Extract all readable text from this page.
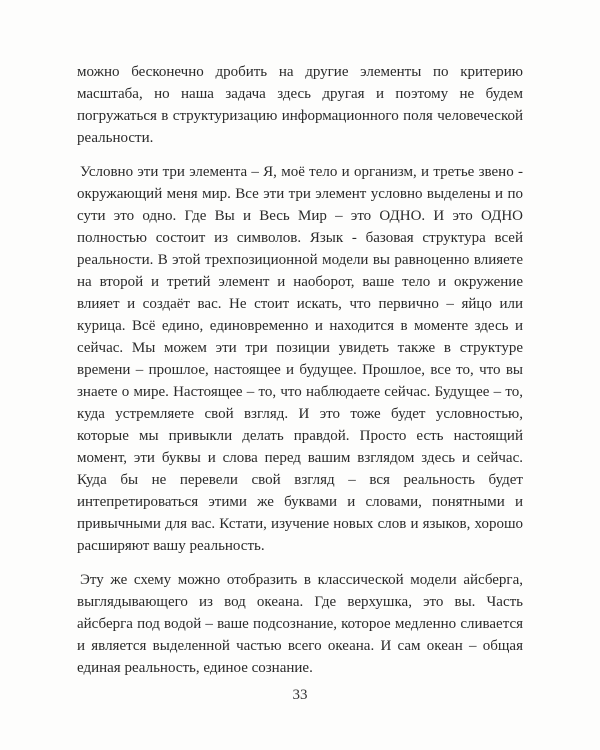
можно бесконечно дробить на другие элементы по критерию масштаба, но наша задача здесь другая и поэтому не будем погружаться в структуризацию информационного поля человеческой реальности.

Условно эти три элемента – Я, моё тело и организм, и третье звено - окружающий меня мир. Все эти три элемент условно выделены и по сути это одно. Где Вы и Весь Мир – это ОДНО. И это ОДНО полностью состоит из символов. Язык - базовая структура всей реальности. В этой трехпозиционной модели вы равноценно влияете на второй и третий элемент и наоборот, ваше тело и окружение влияет и создаёт вас. Не стоит искать, что первично – яйцо или курица. Всё едино, единовременно и находится в моменте здесь и сейчас. Мы можем эти три позиции увидеть также в структуре времени – прошлое, настоящее и будущее. Прошлое, все то, что вы знаете о мире. Настоящее – то, что наблюдаете сейчас. Будущее – то, куда устремляете свой взгляд. И это тоже будет условностью, которые мы привыкли делать правдой. Просто есть настоящий момент, эти буквы и слова перед вашим взглядом здесь и сейчас. Куда бы не перевели свой взгляд – вся реальность будет интепретироваться этими же буквами и словами, понятными и привычными для вас. Кстати, изучение новых слов и языков, хорошо расширяют вашу реальность.

Эту же схему можно отобразить в классической модели айсберга, выглядывающего из вод океана. Где верхушка, это вы. Часть айсберга под водой – ваше подсознание, которое медленно сливается и является выделенной частью всего океана. И сам океан – общая единая реальность, единое сознание.

33
